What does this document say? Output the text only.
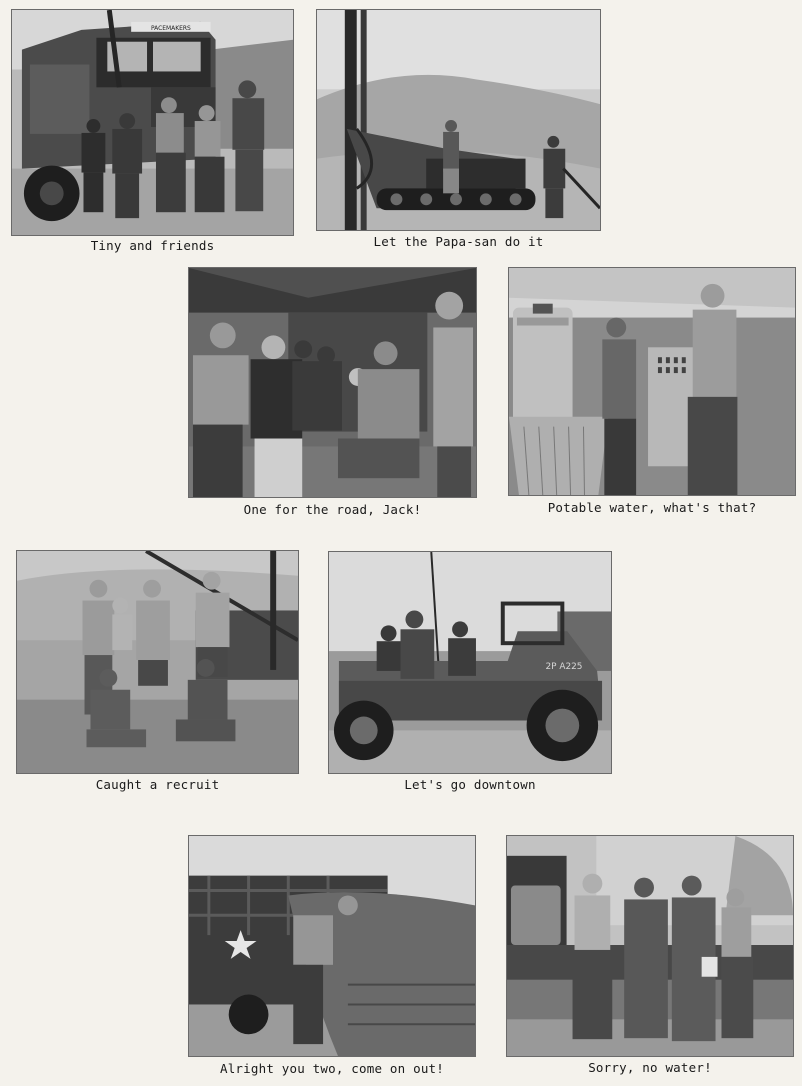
PACEMAKERS
Tiny and friends	Let the Papa-san do it
One for the road, Jack!	Potable water, what's that?
Caught a recruit
2P A225
Let's go downtown
Alright you two, come on out!	Sorry, no water!
